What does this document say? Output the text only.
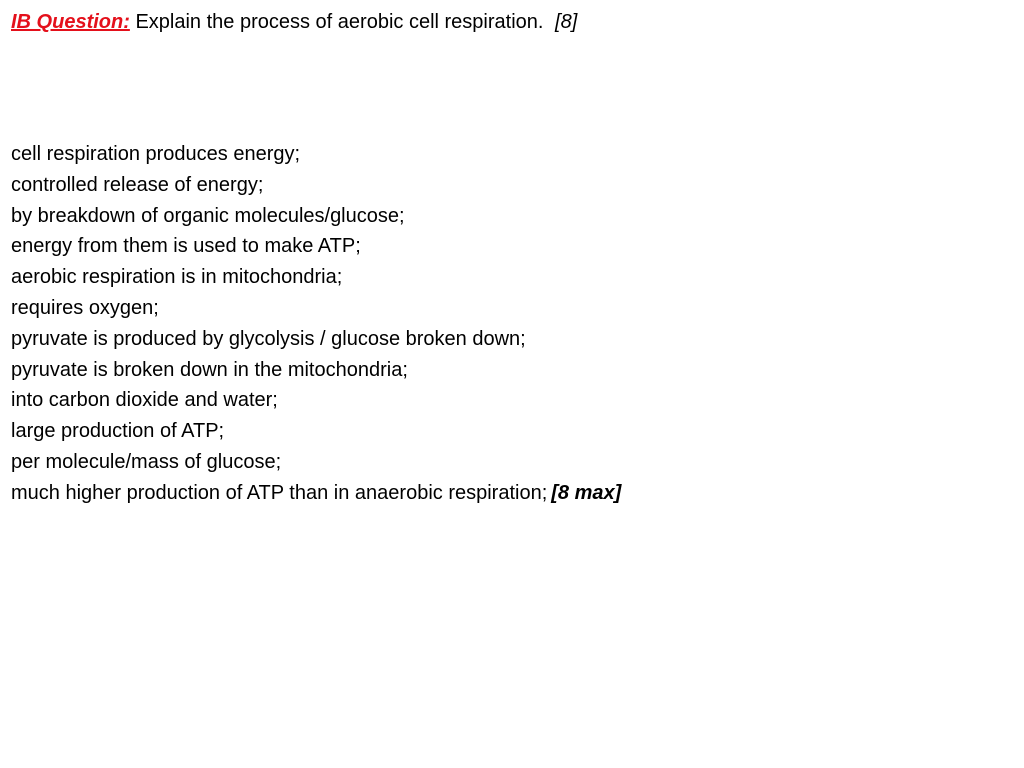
IB Question: Explain the process of aerobic cell respiration. [8]
cell respiration produces energy;
controlled release of energy;
by breakdown of organic molecules/glucose;
energy from them is used to make ATP;
aerobic respiration is in mitochondria;
requires oxygen;
pyruvate is produced by glycolysis / glucose broken down;
pyruvate is broken down in the mitochondria;
into carbon dioxide and water;
large production of ATP;
per molecule/mass of glucose;
much higher production of ATP than in anaerobic respiration; [8 max]
